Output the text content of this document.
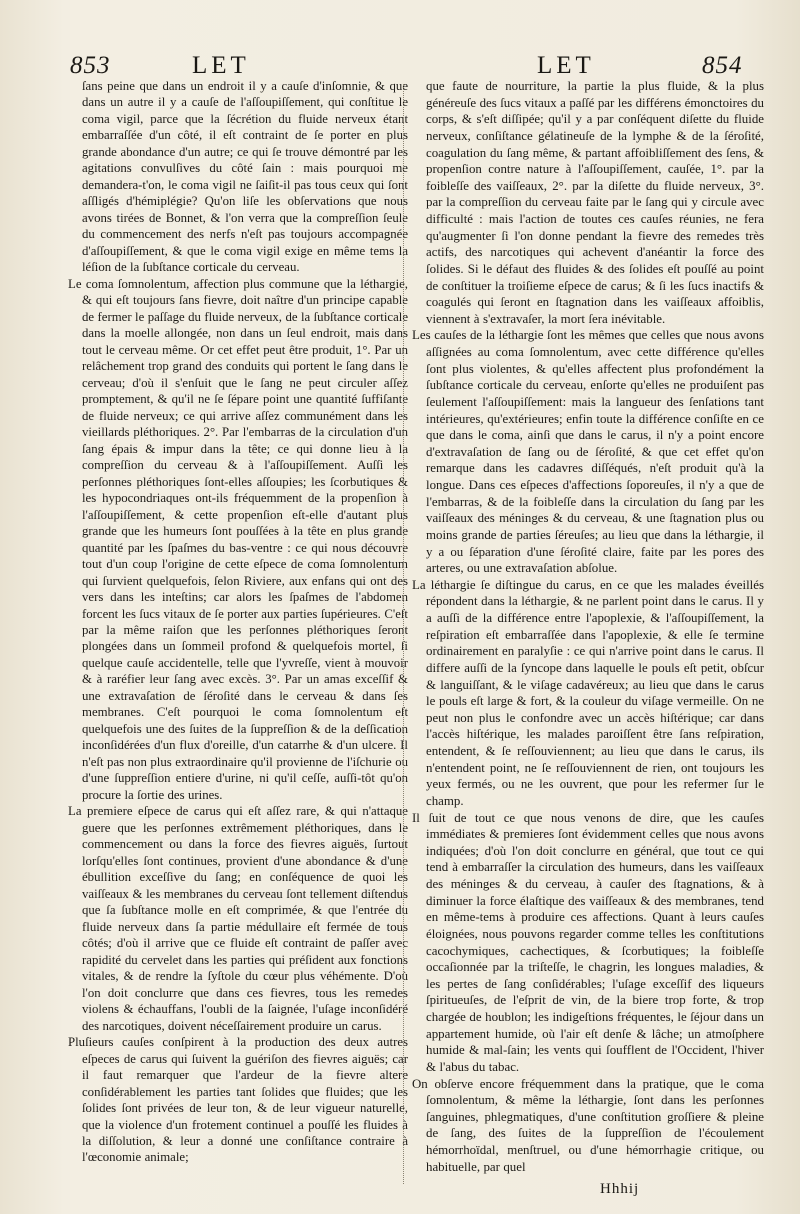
853	LET	LET	854

ſans peine que dans un endroit il y a cauſe d'inſomnie, & que dans un autre il y a cauſe de l'aſſoupiſſement, qui conſtitue le coma vigil, parce que la ſécrétion du fluide nerveux étant embarraſſée d'un côté, il eſt contraint de ſe porter en plus grande abondance d'un autre; ce qui ſe trouve démontré par les agitations convulſives du côté ſain : mais pourquoi me demandera-t'on, le coma vigil ne ſaiſit-il pas tous ceux qui ſont aſſligés d'hémiplégie? Qu'on liſe les obſervations que nous avons tirées de Bonnet, & l'on verra que la compreſſion ſeule du commencement des nerfs n'eſt pas toujours accompagnée d'aſſoupiſſement, & que le coma vigil exige en même tems la léſion de la ſubſtance corticale du cerveau.

Le coma ſomnolentum, affection plus commune que la léthargie, & qui eſt toujours ſans fievre, doit naître d'un principe capable de fermer le paſſage du fluide nerveux, de la ſubſtance corticale dans la moelle allongée, non dans un ſeul endroit, mais dans tout le cerveau même. Or cet effet peut être produit, 1°. Par un relâchement trop grand des conduits qui portent le ſang dans le cerveau; d'où il s'enſuit que le ſang ne peut circuler aſſez promptement, & qu'il ne ſe ſépare point une quantité ſuffiſante de fluide nerveux; ce qui arrive aſſez communément dans les vieillards pléthoriques. 2°. Par l'embarras de la circulation d'un ſang épais & impur dans la tête; ce qui donne lieu à la compreſſion du cerveau & à l'aſſoupiſſement. Auſſi les perſonnes pléthoriques ſont-elles aſſoupies; les ſcorbutiques & les hypocondriaques ont-ils fréquemment de la propenſion à l'aſſoupiſſement, & cette propenſion eſt-elle d'autant plus grande que les humeurs ſont pouſſées à la tête en plus grande quantité par les ſpaſmes du bas-ventre : ce qui nous découvre tout d'un coup l'origine de cette eſpece de coma ſomnolentum qui ſurvient quelquefois, ſelon Riviere, aux enfans qui ont des vers dans les inteſtins; car alors les ſpaſmes de l'abdomen forcent les ſucs vitaux de ſe porter aux parties ſupérieures. C'eſt par la même raiſon que les perſonnes pléthoriques ſeront plongées dans un ſommeil profond & quelquefois mortel, ſi quelque cauſe accidentelle, telle que l'yvreſſe, vient à mouvoir & à raréfier leur ſang avec excès. 3°. Par un amas exceſſif & une extravaſation de ſéroſité dans le cerveau & dans ſes membranes. C'eſt pourquoi le coma ſomnolentum eſt quelquefois une des ſuites de la ſuppreſſion & de la deſſication inconſidérées d'un flux d'oreille, d'un catarrhe & d'un ulcere. Il n'eſt pas non plus extraordinaire qu'il provienne de l'iſchurie ou d'une ſuppreſſion entiere d'urine, ni qu'il ceſſe, auſſi-tôt qu'on procure la ſortie des urines.

La premiere eſpece de carus qui eſt aſſez rare, & qui n'attaque guere que les perſonnes extrêmement pléthoriques, dans le commencement ou dans la force des fievres aiguës, ſurtout lorſqu'elles ſont continues, provient d'une abondance & d'une ébullition exceſſive du ſang; en conſéquence de quoi les vaiſſeaux & les membranes du cerveau ſont tellement diſtendus que ſa ſubſtance molle en eſt comprimée, & que l'entrée du fluide nerveux dans ſa partie médullaire eſt fermée de tous côtés; d'où il arrive que ce fluide eſt contraint de paſſer avec rapidité du cervelet dans les parties qui préſident aux fonctions vitales, & de rendre la ſyſtole du cœur plus véhémente. D'où l'on doit conclurre que dans ces fievres, tous les remedes violens & échauffans, l'oubli de la ſaignée, l'uſage inconſidéré des narcotiques, doivent néceſſairement produire un carus.

Pluſieurs cauſes conſpirent à la production des deux autres eſpeces de carus qui ſuivent la guériſon des fievres aiguës; car il faut remarquer que l'ardeur de la fievre altere conſidérablement les parties tant ſolides que fluides; que les ſolides ſont privées de leur ton, & de leur vigueur naturelle, que la violence d'un frotement continuel a pouſſé les fluides à la diſſolution, & leur a donné une conſiſtance contraire à l'œconomie animale;

que faute de nourriture, la partie la plus fluide, & la plus généreuſe des ſucs vitaux a paſſé par les différens émonctoires du corps, & s'eſt diſſipée; qu'il y a par conſéquent diſette du fluide nerveux, conſiſtance gélatineuſe de la lymphe & de la ſéroſité, coagulation du ſang même, & partant affoibliſſement des ſens, & propenſion contre nature à l'aſſoupiſſement, cauſée, 1°. par la foibleſſe des vaiſſeaux, 2°. par la diſette du fluide nerveux, 3°. par la compreſſion du cerveau faite par le ſang qui y circule avec difficulté : mais l'action de toutes ces cauſes réunies, ne fera qu'augmenter ſi l'on donne pendant la fievre des remedes très actifs, des narcotiques qui achevent d'anéantir la force des ſolides. Si le défaut des fluides & des ſolides eſt pouſſé au point de conſtituer la troiſieme eſpece de carus; & ſi les ſucs inactifs & coagulés qui ſeront en ſtagnation dans les vaiſſeaux affoiblis, viennent à s'extravaſer, la mort ſera inévitable.

Les cauſes de la léthargie ſont les mêmes que celles que nous avons aſſignées au coma ſomnolentum, avec cette différence qu'elles ſont plus violentes, & qu'elles affectent plus profondément la ſubſtance corticale du cerveau, enſorte qu'elles ne produiſent pas ſeulement l'aſſoupiſſement: mais la langueur des ſenſations tant intérieures, qu'extérieures; enfin toute la différence conſiſte en ce que dans le coma, ainſi que dans le carus, il n'y a point encore d'extravaſation de ſang ou de ſéroſité, & que cet effet qu'on remarque dans les cadavres diſſéqués, n'eſt produit qu'à la longue. Dans ces eſpeces d'affections ſoporeuſes, il n'y a que de l'embarras, & de la foibleſſe dans la circulation du ſang par les vaiſſeaux des méninges & du cerveau, & une ſtagnation plus ou moins grande de parties ſéreuſes; au lieu que dans la léthargie, il y a ou ſéparation d'une ſéroſité claire, faite par les pores des arteres, ou une extravaſation abſolue.

La léthargie ſe diſtingue du carus, en ce que les malades éveillés répondent dans la léthargie, & ne parlent point dans le carus. Il y a auſſi de la différence entre l'apoplexie, & l'aſſoupiſſement, la reſpiration eſt embarraſſée dans l'apoplexie, & elle ſe termine ordinairement en paralyſie : ce qui n'arrive point dans le carus. Il differe auſſi de la ſyncope dans laquelle le pouls eſt petit, obſcur & languiſſant, & le viſage cadavéreux; au lieu que dans le carus le pouls eſt large & fort, & la couleur du viſage vermeille. On ne peut non plus le confondre avec un accès hiſtérique; car dans l'accès hiſtérique, les malades paroiſſent être ſans reſpiration, entendent, & ſe reſſouviennent; au lieu que dans le carus, ils n'entendent point, ne ſe reſſouviennent de rien, ont toujours les yeux fermés, ou ne les ouvrent, que pour les refermer ſur le champ.

Il ſuit de tout ce que nous venons de dire, que les cauſes immédiates & premieres ſont évidemment celles que nous avons indiquées; d'où l'on doit conclurre en général, que tout ce qui tend à embarraſſer la circulation des humeurs, dans les vaiſſeaux des méninges & du cerveau, à cauſer des ſtagnations, & à diminuer la force élaſtique des vaiſſeaux & des membranes, tend en même-tems à produire ces affections. Quant à leurs cauſes éloignées, nous pouvons regarder comme telles les conſtitutions cacochymiques, cachectiques, & ſcorbutiques; la foibleſſe occaſionnée par la triſteſſe, le chagrin, les longues maladies, & les pertes de ſang conſidérables; l'uſage exceſſif des liqueurs ſpiritueuſes, de l'eſprit de vin, de la biere trop forte, & trop chargée de houblon; les indigeſtions fréquentes, le ſéjour dans un appartement humide, où l'air eſt denſe & lâche; un atmoſphere humide & mal-ſain; les vents qui ſoufflent de l'Occident, l'hiver & l'abus du tabac.

On obſerve encore fréquemment dans la pratique, que le coma ſomnolentum, & même la léthargie, ſont dans les perſonnes ſanguines, phlegmatiques, d'une conſtitution groſſiere & pleine de ſang, des ſuites de la ſuppreſſion de l'écoulement hémorrhoïdal, menſtruel, ou d'une hémorrhagie critique, ou habituelle, par quel

Hhhij
